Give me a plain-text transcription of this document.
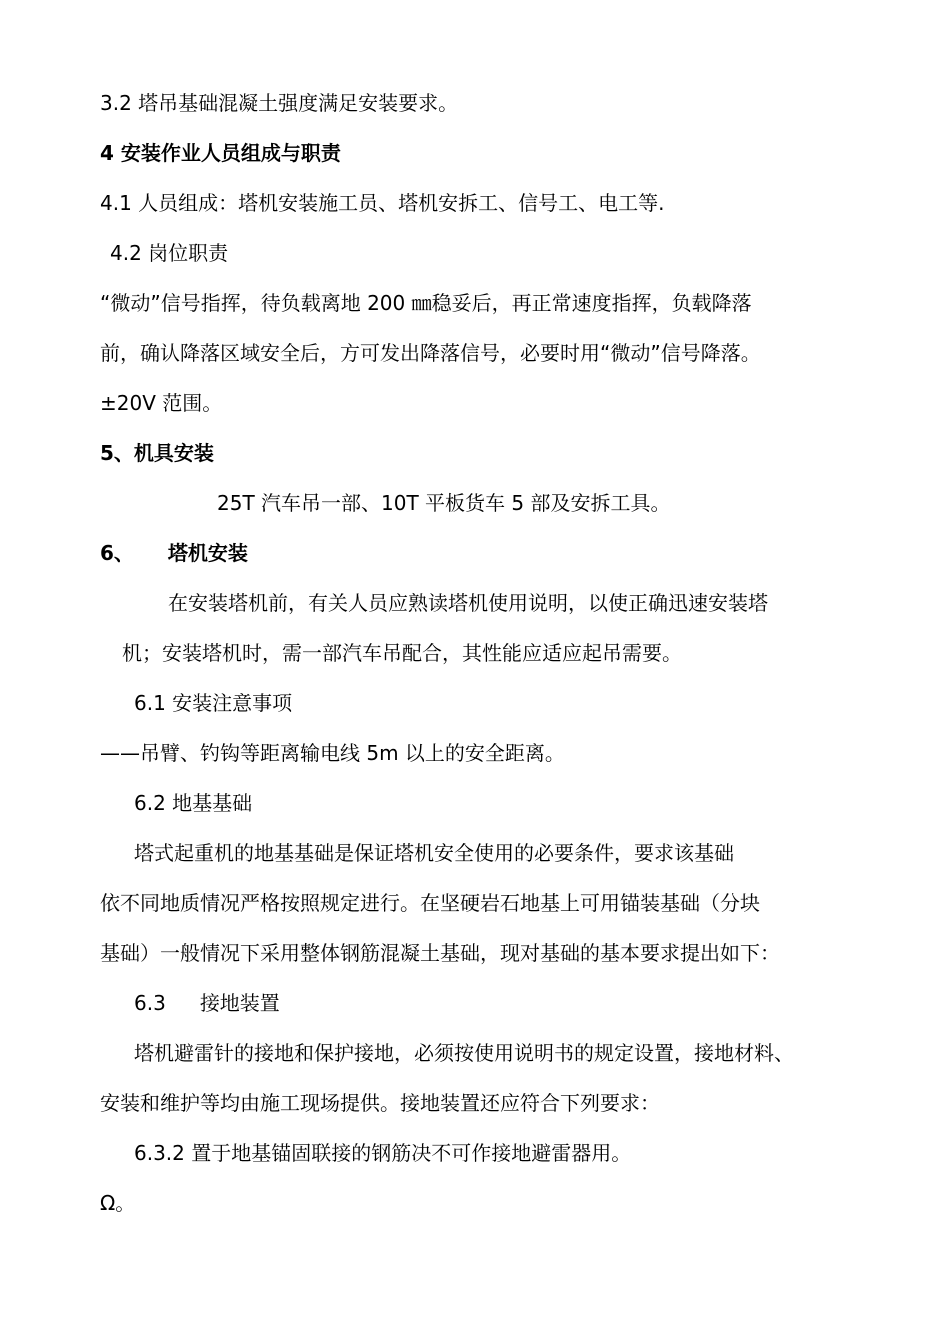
3.2 塔吊基础混凝土强度满足安装要求。
4 安装作业人员组成与职责
4.1 人员组成：塔机安装施工员、塔机安拆工、信号工、电工等.
4.2 岗位职责
“微动”信号指挥，待负载离地 200 ㎜稳妥后，再正常速度指挥，负载降落
前，确认降落区域安全后，方可发出降落信号，必要时用“微动”信号降落。
±20V 范围。
5、机具安装
25T 汽车吊一部、10T 平板货车 5 部及安拆工具。
6、 塔机安装
在安装塔机前，有关人员应熟读塔机使用说明，以使正确迅速安装塔
机；安装塔机时，需一部汽车吊配合，其性能应适应起吊需要。
6.1 安装注意事项
——吊臂、钓钩等距离输电线 5m 以上的安全距离。
6.2 地基基础
塔式起重机的地基基础是保证塔机安全使用的必要条件，要求该基础
依不同地质情况严格按照规定进行。在坚硬岩石地基上可用锚装基础（分块
基础）一般情况下采用整体钢筋混凝土基础，现对基础的基本要求提出如下：
6.3 接地装置
塔机避雷针的接地和保护接地，必须按使用说明书的规定设置，接地材料、
安装和维护等均由施工现场提供。接地装置还应符合下列要求：
6.3.2 置于地基锚固联接的钢筋决不可作接地避雷器用。
Ω。
